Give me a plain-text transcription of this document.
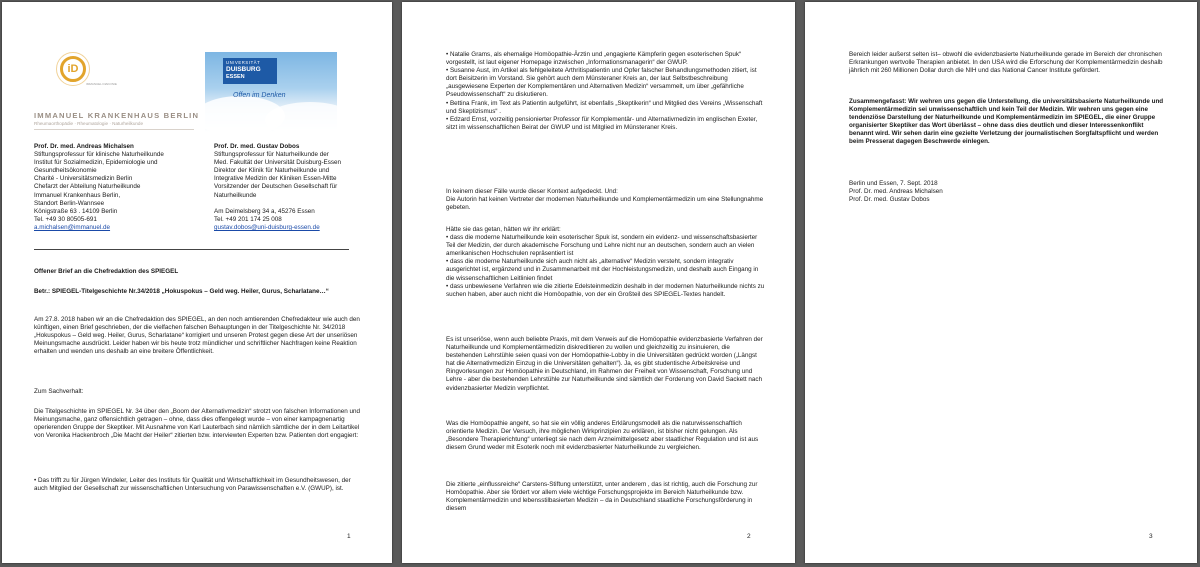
iD
IMMANUEL DIAKONIE
IMMANUEL KRANKENHAUS BERLIN
Rheumaorthopädie · Rheumatologie · Naturheilkunde
UNIVERSITÄT
DUISBURG
ESSEN
Offen im Denken
Prof. Dr. med. Andreas Michalsen
Stiftungsprofessur für klinische Naturheilkunde
Institut für Sozialmedizin, Epidemiologie und
Gesundheitsökonomie
Charité - Universitätsmedizin Berlin
Chefarzt der Abteilung Naturheilkunde
Immanuel Krankenhaus Berlin,
Standort Berlin-Wannsee
Königstraße 63 . 14109 Berlin
Tel. +49 30 80505-691
a.michalsen@immanuel.de
Prof. Dr. med. Gustav Dobos
Stiftungsprofessur für Naturheilkunde der
Med. Fakultät der Universität Duisburg-Essen
Direktor der Klinik für Naturheilkunde und
Integrative Medizin der Kliniken Essen-Mitte
Vorsitzender der Deutschen Gesellschaft für
Naturheilkunde
Am Deimelsberg 34 a, 45276 Essen
Tel. +49 201 174 25 008
gustav.dobos@uni-duisburg-essen.de
Offener Brief an die Chefredaktion des SPIEGEL
Betr.: SPIEGEL-Titelgeschichte Nr.34/2018 „Hokuspokus – Geld weg. Heiler, Gurus, Scharlatane…“

Am 27.8. 2018 haben wir an die Chefredaktion des SPIEGEL, an den noch amtierenden Chefredakteur wie auch den künftigen, einen Brief geschrieben, der die vielfachen falschen Behauptungen in der Titelgeschichte Nr. 34/2018 „Hokuspokus – Geld weg. Heiler, Gurus, Scharlatane“ korrigiert und unseren Protest gegen diese Art der unseriösen Meinungsmache ausdrückt. Leider haben wir bis heute trotz mündlicher und schriftlicher Nachfragen keine Reaktion erhalten und wenden uns deshalb an eine breitere Öffentlichkeit.

Zum Sachverhalt:

Die Titelgeschichte im SPIEGEL Nr. 34 über den „Boom der Alternativmedizin“ strotzt von falschen Informationen und Meinungsmache, ganz offensichtlich getragen – ohne, dass dies offengelegt wurde – von einer kampagnenartig operierenden Gruppe der Skeptiker. Mit Ausnahme von Karl Lauterbach sind nämlich sämtliche der in dem Leitartikel von Veronika Hackenbroch „Die Macht der Heiler“ zitierten bzw. interviewten Experten bzw. Patienten dort engagiert:

• Das trifft zu für Jürgen Windeler, Leiter des Instituts für Qualität und Wirtschaftlichkeit im Gesundheitswesen, der auch Mitglied der Gesellschaft zur wissenschaftlichen Untersuchung von Parawissenschaften e.V. (GWUP), ist.

1

• Natalie Grams, als ehemalige Homöopathie-Ärztin und „engagierte Kämpferin gegen esoterischen Spuk“ vorgestellt, ist laut eigener Homepage inzwischen „Informationsmanagerin“ der GWUP.
• Susanne Aust, im Artikel als fehlgeleitete Arthritispatientin und Opfer falscher Behandlungsmethoden zitiert, ist dort Beisitzerin im Vorstand. Sie gehört auch dem Münsteraner Kreis an, der laut Selbstbeschreibung „ausgewiesene Experten der Komplementären und Alternativen Medizin“ versammelt, um über „gefährliche Pseudowissenschaft“ zu diskutieren.
• Bettina Frank, im Text als Patientin aufgeführt, ist ebenfalls „Skeptikerin“ und Mitglied des Vereins „Wissenschaft und Skeptizismus“ .
• Edzard Ernst, vorzeitig pensionierter Professor für Komplementär- und Alternativmedizin im englischen Exeter, sitzt im wissenschaftlichen Beirat der GWUP und ist Mitglied im Münsteraner Kreis.

In keinem dieser Fälle wurde dieser Kontext aufgedeckt. Und:
Die Autorin hat keinen Vertreter der modernen Naturheilkunde und Komplementärmedizin um eine Stellungnahme gebeten.

Hätte sie das getan, hätten wir ihr erklärt:
• dass die moderne Naturheilkunde kein esoterischer Spuk ist, sondern ein evidenz- und wissenschaftsbasierter Teil der Medizin, der durch akademische Forschung und Lehre nicht nur an deutschen, sondern auch an vielen amerikanischen Hochschulen repräsentiert ist
• dass die moderne Naturheilkunde sich auch nicht als „alternative“ Medizin versteht, sondern integrativ ausgerichtet ist, ergänzend und in Zusammenarbeit mit der Hochleistungsmedizin, und deshalb auch Eingang in die wissenschaftlichen Leitlinien findet
• dass unbewiesene Verfahren wie die zitierte Edelsteinmedizin deshalb in der modernen Naturheilkunde nichts zu suchen haben, aber auch nicht die Homöopathie, von der ein Großteil des SPIEGEL-Textes handelt.

Es ist unseriöse, wenn auch beliebte Praxis, mit dem Verweis auf die Homöopathie evidenzbasierte Verfahren der Naturheilkunde und Komplementärmedizin diskreditieren zu wollen und gleichzeitig zu insinuieren, die bestehenden Lehrstühle seien quasi von der Homöopathie-Lobby in die Universitäten gedrückt worden („Längst hat die Alternativmedizin Einzug in die Universitäten gehalten“). Ja, es gibt studentische Arbeitskreise und Ringvorlesungen zur Homöopathie in Deutschland, im Rahmen der Freiheit von Wissenschaft, Forschung und Lehre - aber die bestehenden Lehrstühle zur Naturheilkunde sind sämtlich der Forderung von David Sackett nach evidenzbasierter Medizin verpflichtet.

Was die Homöopathie angeht, so hat sie ein völlig anderes Erklärungsmodell als die naturwissenschaftlich orientierte Medizin. Der Versuch, ihre möglichen Wirkprinzipien zu erklären, ist bisher nicht gelungen. Als „Besondere Therapierichtung“ unterliegt sie nach dem Arzneimittelgesetz aber staatlicher Regulation und ist aus diesem Grund weder mit Esoterik noch mit evidenzbasierter Naturheilkunde zu vergleichen.

Die zitierte „einflussreiche“ Carstens-Stiftung unterstützt, unter anderem , das ist richtig, auch die Forschung zur Homöopathie. Aber sie fördert vor allem viele wichtige Forschungsprojekte im Bereich Naturheilkunde bzw. Komplementärmedizin und lebensstilbasierten Medizin – da in Deutschland staatliche Forschungsförderung in diesem

2

Bereich leider außerst selten ist– obwohl die evidenzbasierte Naturheilkunde gerade im Bereich der chronischen Erkrankungen wertvolle Therapien anbietet. In den USA wird die Erforschung der Komplementärmedizin deshalb jährlich mit 260 Millionen Dollar durch die NIH und das National Cancer Institute gefördert.

Zusammengefasst: Wir wehren uns gegen die Unterstellung, die universitätsbasierte Naturheilkunde und Komplementärmedizin sei unwissenschaftlich und kein Teil der Medizin. Wir wehren uns gegen eine tendenziöse Darstellung der Naturheilkunde und Komplementärmedizin im SPIEGEL, die einer Gruppe organisierter Skeptiker das Wort überlässt – ohne dass dies deutlich und dieser Interessenkonflikt benannt wird. Wir sehen darin eine gezielte Verletzung der journalistischen Sorgfaltspflicht und werden beim Presserat dagegen Beschwerde einlegen.

Berlin und Essen, 7. Sept. 2018
Prof. Dr. med. Andreas Michalsen
Prof. Dr. med. Gustav Dobos
3
